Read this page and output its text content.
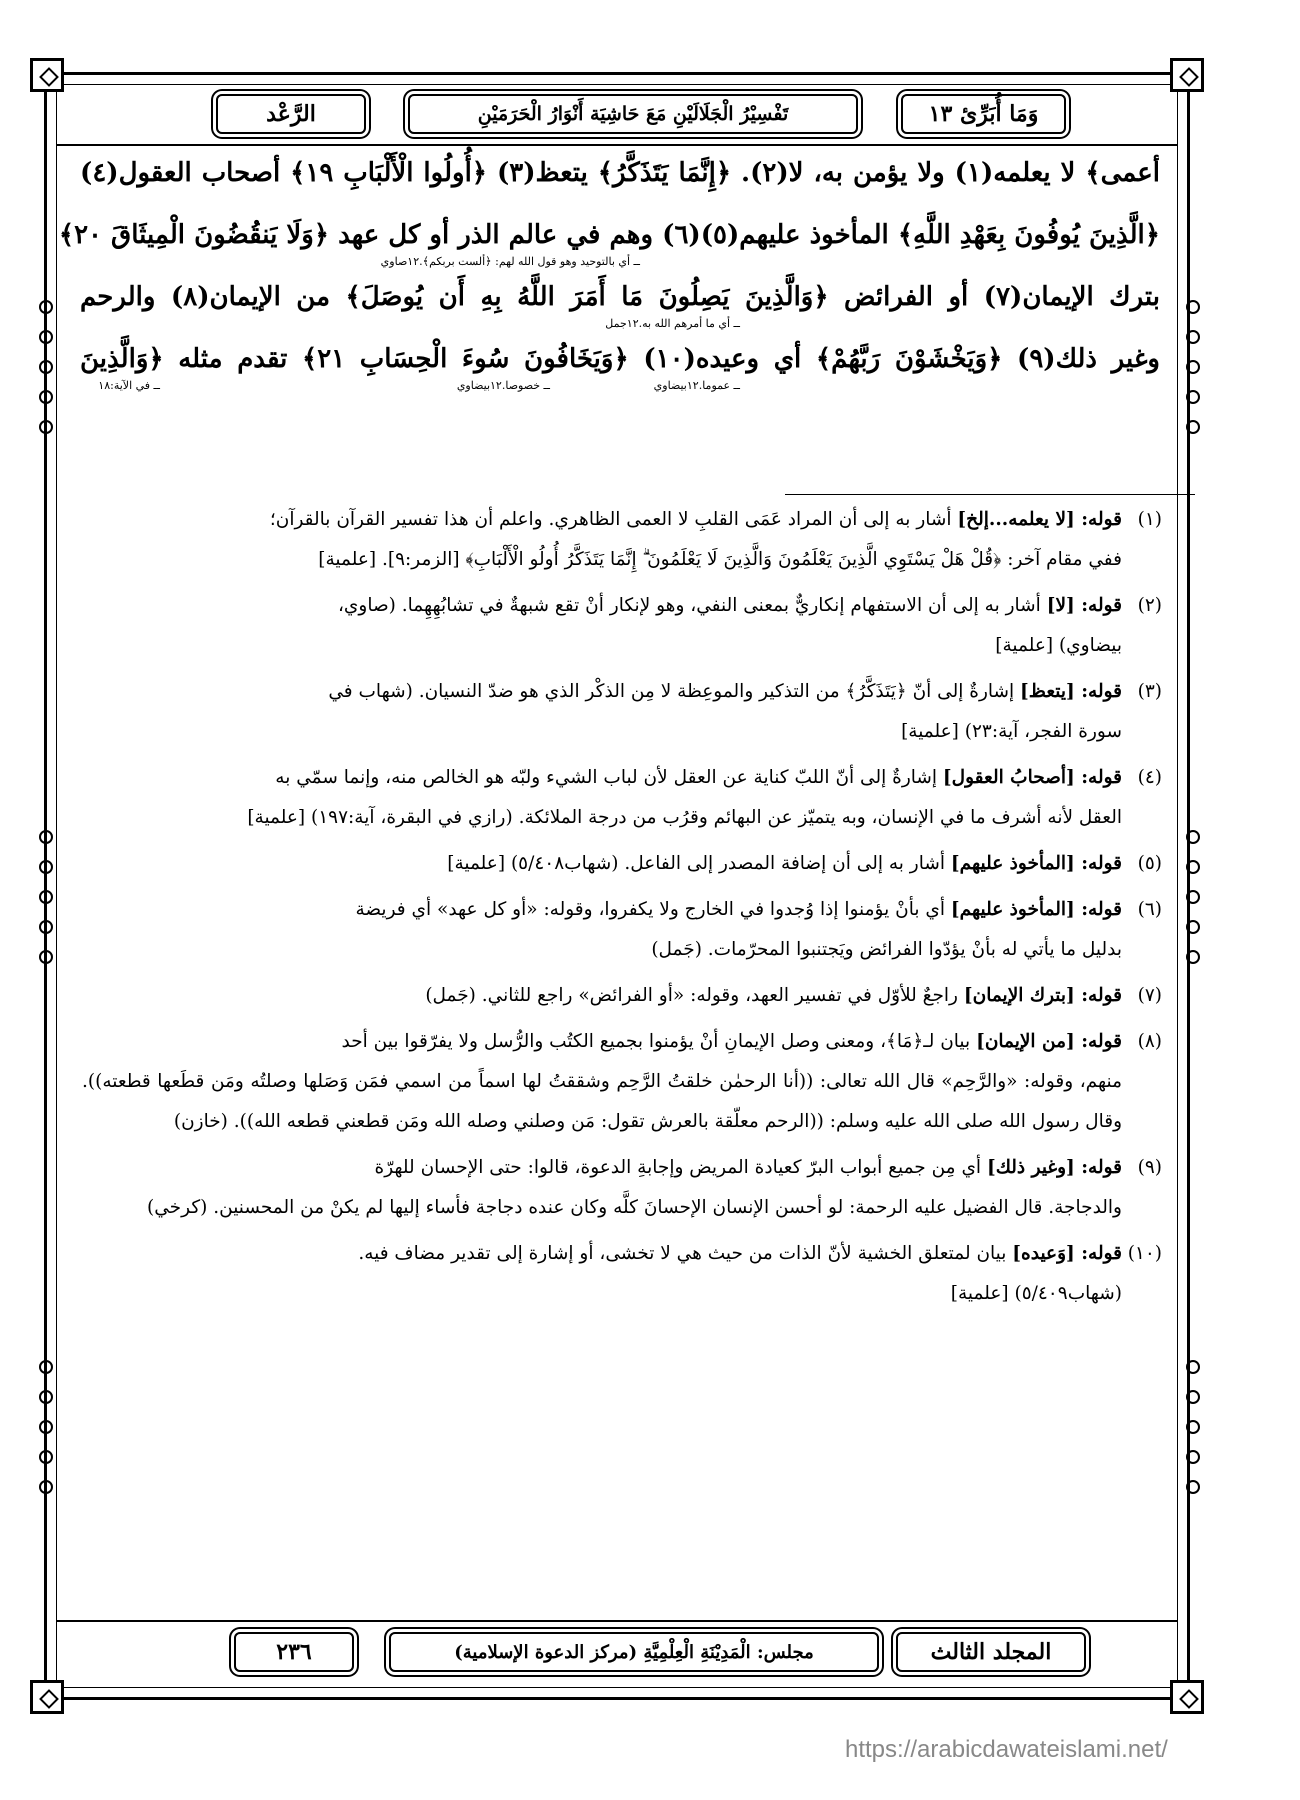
الرَّعْد	تَفْسِيْرُ الْجَلَالَيْنِ مَعَ حَاشِيَة أَنْوَارُ الْحَرَمَيْنِ	وَمَا أُبَرِّئ ١٣
أعمى﴾ لا يعلمه(١) ولا يؤمن به، لا(٢). ﴿إِنَّمَا يَتَذَكَّرُ﴾ يتعظ(٣) ﴿أُولُوا الْأَلْبَابِ ١٩﴾ أصحاب العقول(٤)
﴿الَّذِينَ يُوفُونَ بِعَهْدِ اللَّهِ﴾ المأخوذ عليهم(٥)(٦) وهم في عالم الذر أو كل عهد ﴿وَلَا يَنقُضُونَ الْمِيثَاقَ ٢٠﴾
ــ أي بالتوحيد وهو قول الله لهم: ﴿ألست بربكم﴾.١٢صاوي
بترك الإيمان(٧) أو الفرائض ﴿وَالَّذِينَ يَصِلُونَ مَا أَمَرَ اللَّهُ بِهِ أَن يُوصَلَ﴾ من الإيمان(٨) والرحم
ــ أي ما أمرهم الله به.١٢جمل
وغير ذلك(٩) ﴿وَيَخْشَوْنَ رَبَّهُمْ﴾ أي وعيده(١٠) ﴿وَيَخَافُونَ سُوءَ الْحِسَابِ ٢١﴾ تقدم مثله ﴿وَالَّذِينَ
ــ في الآية:١٨	ــ خصوصا.١٢بيضاوي	ــ عموما.١٢بيضاوي
(١)قوله: [لا يعلمه...إلخ] أشار به إلى أن المراد عَمَى القلبِ لا العمى الظاهري. واعلم أن هذا تفسير القرآن بالقرآن؛
ففي مقام آخر: ﴿قُلْ هَلْ يَسْتَوِي الَّذِينَ يَعْلَمُونَ وَالَّذِينَ لَا يَعْلَمُونَ ۗ إِنَّمَا يَتَذَكَّرُ أُولُو الْأَلْبَابِ﴾ [الزمر:٩]. [علمية]
(٢)قوله: [لا] أشار به إلى أن الاستفهام إنكاريٌّ بمعنى النفي، وهو لإنكار أنْ تقع شبهةٌ في تشابُهِهِما. (صاوي،
بيضاوي) [علمية]
(٣)قوله: [يتعظ] إشارةٌ إلى أنّ ﴿يَتَذَكَّرُ﴾ من التذكير والموعِظة لا مِن الذكْر الذي هو ضدّ النسيان. (شهاب في
سورة الفجر، آية:٢٣) [علمية]
(٤)قوله: [أصحابُ العقول] إشارةٌ إلى أنّ اللبّ كناية عن العقل لأن لباب الشيء ولبّه هو الخالص منه، وإنما سمّي به
العقل لأنه أشرف ما في الإنسان، وبه يتميّز عن البهائم وقرُب من درجة الملائكة. (رازي في البقرة، آية:١٩٧) [علمية]
(٥)قوله: [المأخوذ عليهم] أشار به إلى أن إضافة المصدر إلى الفاعل. (شهاب٥/٤٠٨) [علمية]
(٦)قوله: [المأخوذ عليهم] أي بأنْ يؤمنوا إذا وُجدوا في الخارج ولا يكفروا، وقوله: «أو كل عهد» أي فريضة
بدليل ما يأتي له بأنْ يؤدّوا الفرائض ويَجتنبوا المحرّمات. (جَمل)
(٧)قوله: [بترك الإيمان] راجعٌ للأوّل في تفسير العهد، وقوله: «أو الفرائض» راجع للثاني. (جَمل)
(٨)قوله: [من الإيمان] بيان لـ﴿مَا﴾، ومعنى وصل الإيمانِ أنْ يؤمنوا بجميع الكتُب والرُّسل ولا يفرّقوا بين أحد
منهم، وقوله: «والرَّحِم» قال الله تعالى: ((أنا الرحمٰن خلقتُ الرَّحِم وشققتُ لها اسماً من اسمي فمَن وَصَلها وصلتُه ومَن قطَعها قطعته)). وقال رسول الله صلى الله عليه وسلم: ((الرحم معلّقة بالعرش تقول: مَن وصلني وصله الله ومَن قطعني قطعه الله)). (خازن)
(٩)قوله: [وغير ذلك] أي مِن جميع أبواب البرّ كعيادة المريض وإجابةِ الدعوة، قالوا: حتى الإحسان للهرّة
والدجاجة. قال الفضيل عليه الرحمة: لو أحسن الإنسان الإحسانَ كلَّه وكان عنده دجاجة فأساء إليها لم يكنْ من المحسنين. (كرخي)
(١٠)قوله: [وَعيده] بيان لمتعلق الخشية لأنّ الذات من حيث هي لا تخشى، أو إشارة إلى تقدير مضاف فيه.
(شهاب٥/٤٠٩) [علمية]
٢٣٦	مجلس: الْمَدِيْنَةِ الْعِلْمِيَّةِ (مركز الدعوة الإسلامية)	المجلد الثالث
https://arabicdawateislami.net/
